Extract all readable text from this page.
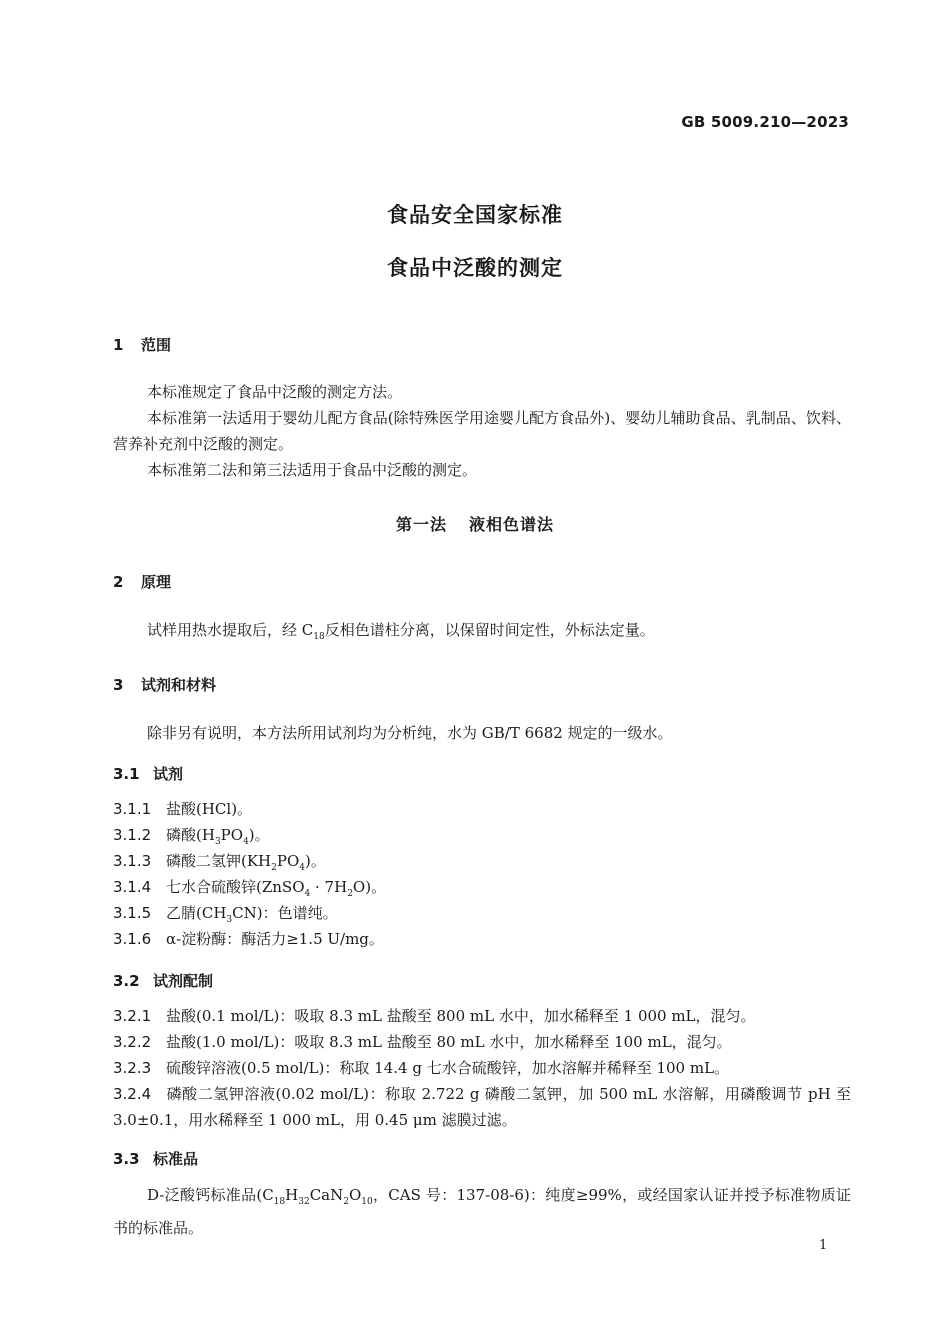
GB 5009.210—2023
食品安全国家标准
食品中泛酸的测定
1 范围
本标准规定了食品中泛酸的测定方法。
本标准第一法适用于婴幼儿配方食品(除特殊医学用途婴儿配方食品外)、婴幼儿辅助食品、乳制品、饮料、营养补充剂中泛酸的测定。
本标准第二法和第三法适用于食品中泛酸的测定。
第一法 液相色谱法
2 原理
试样用热水提取后，经 $C_{18}$反相色谱柱分离，以保留时间定性，外标法定量。
3 试剂和材料
除非另有说明，本方法所用试剂均为分析纯，水为 GB/T 6682 规定的一级水。
3.1 试剂
3.1.1 盐酸(HCl)。
3.1.2 磷酸$(H_3PO_4)$。
3.1.3 磷酸二氢钾$(KH_2PO_4)$。
3.1.4 七水合硫酸锌(ZnSO$_4$ · $7H_2O$)。
3.1.5 乙腈$(CH_3CN)$：色谱纯。
3.1.6 α-淀粉酶：酶活力≥1.5 U/mg。
3.2 试剂配制
3.2.1 盐酸(0.1 mol/L)：吸取 8.3 mL 盐酸至 800 mL 水中，加水稀释至 1 000 mL，混匀。
3.2.2 盐酸(1.0 mol/L)：吸取 8.3 mL 盐酸至 80 mL 水中，加水稀释至 100 mL，混匀。
3.2.3 硫酸锌溶液(0.5 mol/L)：称取 14.4 g 七水合硫酸锌，加水溶解并稀释至 100 mL。
3.2.4 磷酸二氢钾溶液(0.02 mol/L)：称取 2.722 g 磷酸二氢钾，加 500 mL 水溶解，用磷酸调节 pH 至 3.0±0.1，用水稀释至 1 000 mL，用 0.45 μm 滤膜过滤。
3.3 标准品
D-泛酸钙标准品($C_{18}H_{32}CaN_2O_{10}$，CAS 号：137-08-6)：纯度≥99%，或经国家认证并授予标准物质证书的标准品。
1
